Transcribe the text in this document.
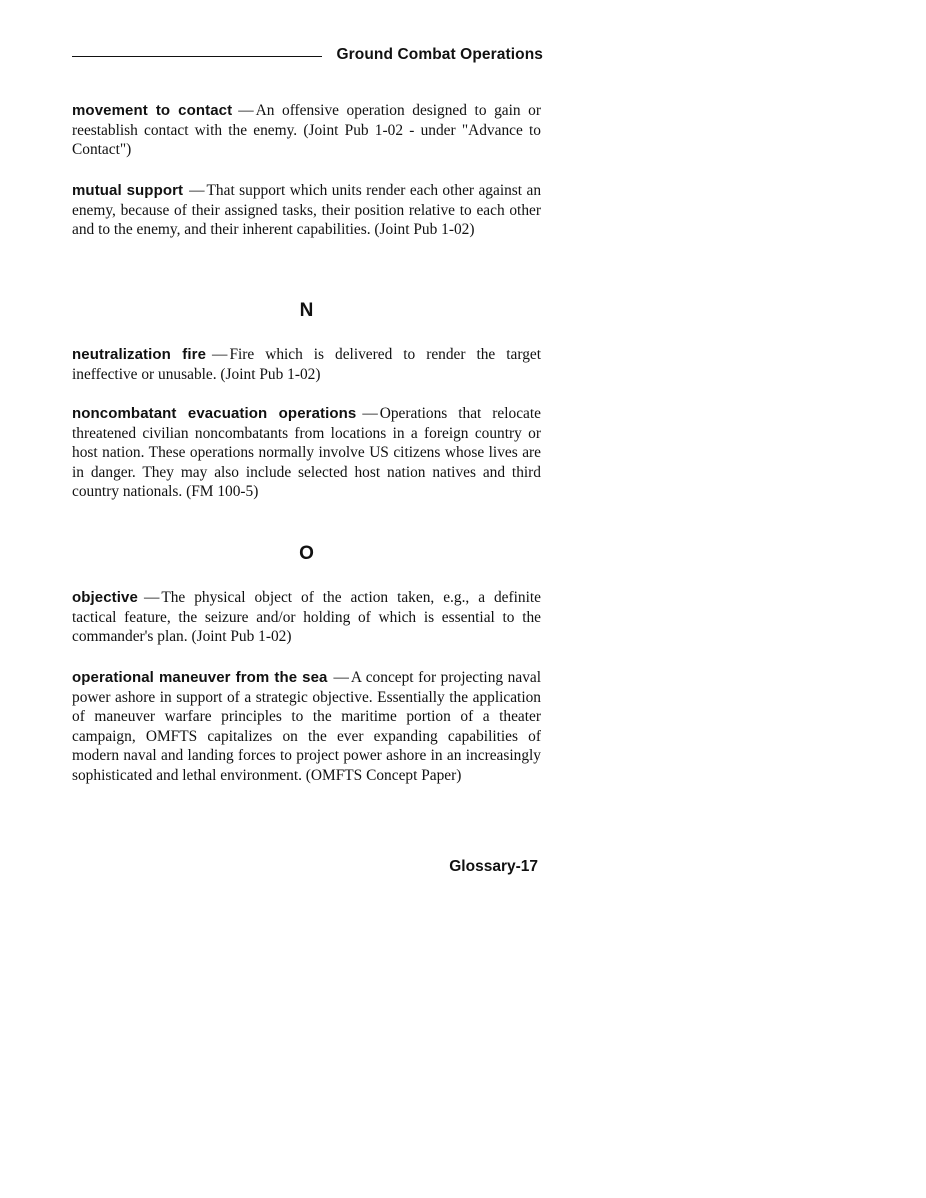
Ground Combat Operations

movement to contact — An offensive operation designed to gain or reestablish contact with the enemy. (Joint Pub 1-02 - under "Advance to Contact")

mutual support — That support which units render each other against an enemy, because of their assigned tasks, their position relative to each other and to the enemy, and their inherent capabilities. (Joint Pub 1-02)

N

neutralization fire — Fire which is delivered to render the target ineffective or unusable. (Joint Pub 1-02)

noncombatant evacuation operations — Operations that relocate threatened civilian noncombatants from locations in a foreign country or host nation. These operations normally involve US citizens whose lives are in danger. They may also include selected host nation natives and third country nationals. (FM 100-5)

O

objective — The physical object of the action taken, e.g., a definite tactical feature, the seizure and/or holding of which is essential to the commander's plan. (Joint Pub 1-02)

operational maneuver from the sea — A concept for projecting naval power ashore in support of a strategic objective. Essentially the application of maneuver warfare principles to the maritime portion of a theater campaign, OMFTS capitalizes on the ever expanding capabilities of modern naval and landing forces to project power ashore in an increasingly sophisticated and lethal environment. (OMFTS Concept Paper)

Glossary-17
